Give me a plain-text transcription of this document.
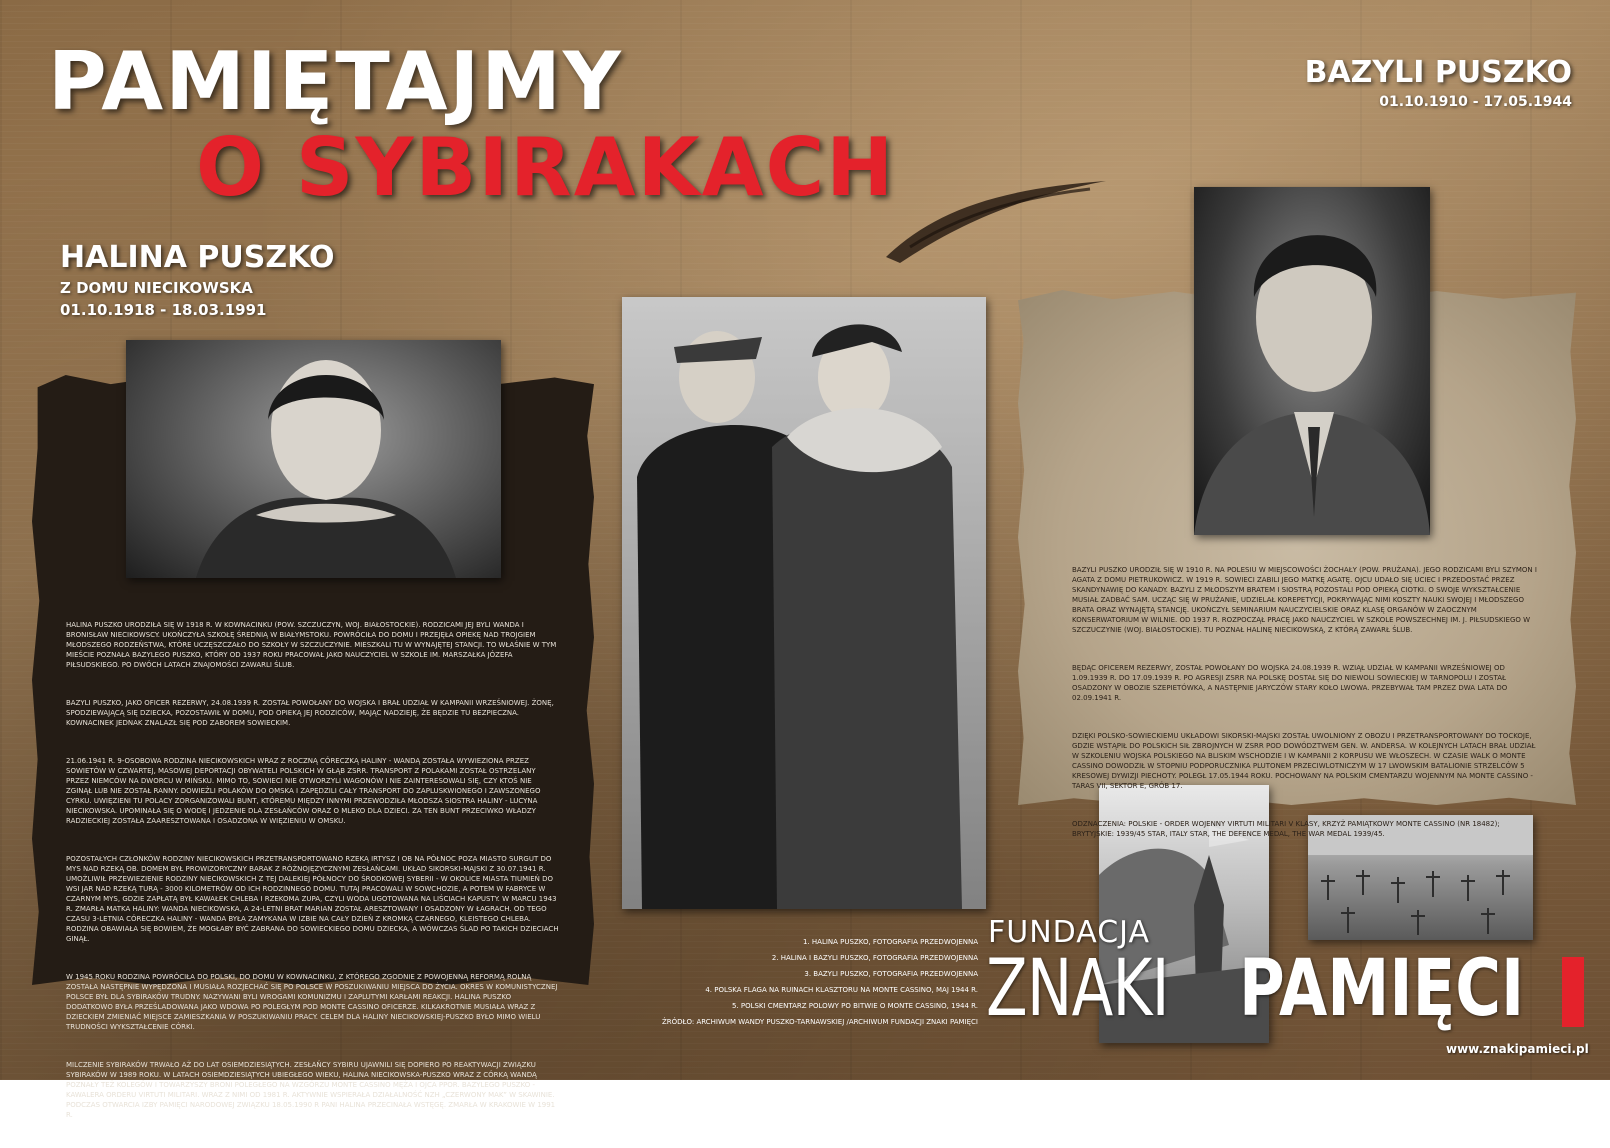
PAMIĘTAJMY
O SYBIRAKACH
HALINA PUSZKO
Z DOMU NIECIKOWSKA
01.10.1918 - 18.03.1991
BAZYLI PUSZKO
01.10.1910 - 17.05.1944

HALINA PUSZKO URODZIŁA SIĘ W 1918 R. W KOWNACINKU (POW. SZCZUCZYN, WOJ. BIAŁOSTOCKIE). RODZICAMI JEJ BYLI WANDA I BRONISŁAW NIECIKOWSCY. UKOŃCZYŁA SZKOŁĘ ŚREDNIĄ W BIAŁYMSTOKU. POWRÓCIŁA DO DOMU I PRZEJĘŁA OPIEKĘ NAD TROJGIEM MŁODSZEGO RODZEŃSTWA, KTÓRE UCZĘSZCZAŁO DO SZKOŁY W SZCZUCZYNIE. MIESZKALI TU W WYNAJĘTEJ STANCJI. TO WŁAŚNIE W TYM MIEŚCIE POZNAŁA BAZYLEGO PUSZKO, KTÓRY OD 1937 ROKU PRACOWAŁ JAKO NAUCZYCIEL W SZKOLE IM. MARSZAŁKA JÓZEFA PIŁSUDSKIEGO. PO DWÓCH LATACH ZNAJOMOŚCI ZAWARLI ŚLUB.

BAZYLI PUSZKO, JAKO OFICER REZERWY, 24.08.1939 R. ZOSTAŁ POWOŁANY DO WOJSKA I BRAŁ UDZIAŁ W KAMPANII WRZEŚNIOWEJ. ŻONĘ, SPODZIEWAJĄCĄ SIĘ DZIECKA, POZOSTAWIŁ W DOMU, POD OPIEKĄ JEJ RODZICÓW, MAJĄC NADZIEJĘ, ŻE BĘDZIE TU BEZPIECZNA. KOWNACINEK JEDNAK ZNALAZŁ SIĘ POD ZABOREM SOWIECKIM.

21.06.1941 R. 9-OSOBOWA RODZINA NIECIKOWSKICH WRAZ Z ROCZNĄ CÓRECZKĄ HALINY - WANDĄ ZOSTAŁA WYWIEZIONA PRZEZ SOWIETÓW W CZWARTEJ, MASOWEJ DEPORTACJI OBYWATELI POLSKICH W GŁĄB ZSRR. TRANSPORT Z POLAKAMI ZOSTAŁ OSTRZELANY PRZEZ NIEMCÓW NA DWORCU W MIŃSKU. MIMO TO, SOWIECI NIE OTWORZYLI WAGONÓW I NIE ZAINTERESOWALI SIĘ, CZY KTOŚ NIE ZGINĄŁ LUB NIE ZOSTAŁ RANNY. DOWIEŹLI POLAKÓW DO OMSKA I ZAPĘDZILI CAŁY TRANSPORT DO ZAPLUSKWIONEGO I ZAWSZONEGO CYRKU. UWIĘZIENI TU POLACY ZORGANIZOWALI BUNT, KTÓREMU MIĘDZY INNYMI PRZEWODZIŁA MŁODSZA SIOSTRA HALINY - LUCYNA NIECIKOWSKA. UPOMINAŁA SIĘ O WODĘ I JEDZENIE DLA ZESŁAŃCÓW ORAZ O MLEKO DLA DZIECI. ZA TEN BUNT PRZECIWKO WŁADZY RADZIECKIEJ ZOSTAŁA ZAARESZTOWANA I OSADZONA W WIĘZIENIU W OMSKU.

POZOSTAŁYCH CZŁONKÓW RODZINY NIECIKOWSKICH PRZETRANSPORTOWANO RZEKĄ IRTYSZ I OB NA PÓŁNOC POZA MIASTO SURGUT DO MYS NAD RZEKĄ OB. DOMEM BYŁ PROWIZORYCZNY BARAK Z RÓŻNOJĘZYCZNYMI ZESŁAŃCAMI. UKŁAD SIKORSKI-MAJSKI Z 30.07.1941 R. UMOŻLIWIŁ PRZEWIEZIENIE RODZINY NIECIKOWSKICH Z TEJ DALEKIEJ PÓŁNOCY DO ŚRODKOWEJ SYBERII - W OKOLICE MIASTA TIUMIEŃ DO WSI JAR NAD RZEKĄ TURĄ - 3000 KILOMETRÓW OD ICH RODZINNEGO DOMU. TUTAJ PRACOWALI W SOWCHOZIE, A POTEM W FABRYCE W CZARNYM MYS, GDZIE ZAPŁATĄ BYŁ KAWAŁEK CHLEBA I RZEKOMA ZUPA, CZYLI WODA UGOTOWANA NA LIŚCIACH KAPUSTY. W MARCU 1943 R. ZMARŁA MATKA HALINY: WANDA NIECIKOWSKA, A 24-LETNI BRAT MARIAN ZOSTAŁ ARESZTOWANY I OSADZONY W ŁAGRACH. OD TEGO CZASU 3-LETNIA CÓRECZKA HALINY - WANDA BYŁA ZAMYKANA W IZBIE NA CAŁY DZIEŃ Z KROMKĄ CZARNEGO, KLEISTEGO CHLEBA. RODZINA OBAWIAŁA SIĘ BOWIEM, ŻE MOGŁABY BYĆ ZABRANA DO SOWIECKIEGO DOMU DZIECKA, A WÓWCZAS ŚLAD PO TAKICH DZIECIACH GINĄŁ.

W 1945 ROKU RODZINA POWRÓCIŁA DO POLSKI, DO DOMU W KOWNACINKU, Z KTÓREGO ZGODNIE Z POWOJENNĄ REFORMĄ ROLNĄ ZOSTAŁA NASTĘPNIE WYPĘDZONA I MUSIAŁA ROZJECHAĆ SIĘ PO POLSCE W POSZUKIWANIU MIEJSCA DO ŻYCIA. OKRES W KOMUNISTYCZNEJ POLSCE BYŁ DLA SYBIRAKÓW TRUDNY. NAZYWANI BYLI WROGAMI KOMUNIZMU I ZAPLUTYMI KARŁAMI REAKCJI. HALINA PUSZKO DODATKOWO BYŁA PRZEŚLADOWANA JAKO WDOWA PO POLEGŁYM POD MONTE CASSINO OFICERZE. KILKAKROTNIE MUSIAŁA WRAZ Z DZIECKIEM ZMIENIAĆ MIEJSCE ZAMIESZKANIA W POSZUKIWANIU PRACY. CELEM DLA HALINY NIECIKOWSKIEJ-PUSZKO BYŁO MIMO WIELU TRUDNOŚCI WYKSZTAŁCENIE CÓRKI.

MILCZENIE SYBIRAKÓW TRWAŁO AŻ DO LAT OSIEMDZIESIĄTYCH. ZESŁAŃCY SYBIRU UJAWNILI SIĘ DOPIERO PO REAKTYWACJI ZWIĄZKU SYBIRAKÓW W 1989 ROKU. W LATACH OSIEMDZIESIĄTYCH UBIEGŁEGO WIEKU, HALINA NIECIKOWSKA-PUSZKO WRAZ Z CÓRKĄ WANDĄ POZNAŁY TEŻ KOLEGÓW I TOWARZYSZY BRONI POLEGŁEGO NA WZGÓRZU MONTE CASSINO MĘŻA I OJCA PPOR. BAZYLEGO PUSZKO - KAWALERA ORDERU VIRTUTI MILITARI. WRAZ Z NIMI OD 1981 R. AKTYWNIE WSPIERAŁA DZIAŁALNOŚĆ NZH „CZERWONY MAK” W SKAWINIE. PODCZAS OTWARCIA IZBY PAMIĘCI NARODOWEJ ZWIĄZKU 18.05.1990 R PANI HALINA PRZECINAŁA WSTĘGĘ. ZMARŁA W KRAKOWIE W 1991 R.

BAZYLI PUSZKO URODZIŁ SIĘ W 1910 R. NA POLESIU W MIEJSCOWOŚCI ŻOCHAŁY (POW. PRUŻANA). JEGO RODZICAMI BYLI SZYMON I AGATA Z DOMU PIETRUKOWICZ. W 1919 R. SOWIECI ZABILI JEGO MATKĘ AGATĘ. OJCU UDAŁO SIĘ UCIEC I PRZEDOSTAĆ PRZEZ SKANDYNAWIĘ DO KANADY. BAZYLI Z MŁODSZYM BRATEM I SIOSTRĄ POZOSTALI POD OPIEKĄ CIOTKI. O SWOJE WYKSZTAŁCENIE MUSIAŁ ZADBAĆ SAM. UCZĄC SIĘ W PRUŻANIE, UDZIELAŁ KOREPETYCJI, POKRYWAJĄC NIMI KOSZTY NAUKI SWOJEJ I MŁODSZEGO BRATA ORAZ WYNAJĘTĄ STANCJĘ. UKOŃCZYŁ SEMINARIUM NAUCZYCIELSKIE ORAZ KLASĘ ORGANÓW W ZAOCZNYM KONSERWATORIUM W WILNIE. OD 1937 R. ROZPOCZĄŁ PRACĘ JAKO NAUCZYCIEL W SZKOLE POWSZECHNEJ IM. J. PIŁSUDSKIEGO W SZCZUCZYNIE (WOJ. BIAŁOSTOCKIE). TU POZNAŁ HALINĘ NIECIKOWSKĄ, Z KTÓRĄ ZAWARŁ ŚLUB.

BĘDĄC OFICEREM REZERWY, ZOSTAŁ POWOŁANY DO WOJSKA 24.08.1939 R. WZIĄŁ UDZIAŁ W KAMPANII WRZEŚNIOWEJ OD 1.09.1939 R. DO 17.09.1939 R. PO AGRESJI ZSRR NA POLSKĘ DOSTAŁ SIĘ DO NIEWOLI SOWIECKIEJ W TARNOPOLU I ZOSTAŁ OSADZONY W OBOZIE SZEPIETÓWKA, A NASTĘPNIE JARYCZÓW STARY KOŁO LWOWA. PRZEBYWAŁ TAM PRZEZ DWA LATA DO 02.09.1941 R.

DZIĘKI POLSKO-SOWIECKIEMU UKŁADOWI SIKORSKI-MAJSKI ZOSTAŁ UWOLNIONY Z OBOZU I PRZETRANSPORTOWANY DO TOCKOJE, GDZIE WSTĄPIŁ DO POLSKICH SIŁ ZBROJNYCH W ZSRR POD DOWÓDZTWEM GEN. W. ANDERSA. W KOLEJNYCH LATACH BRAŁ UDZIAŁ W SZKOLENIU WOJSKA POLSKIEGO NA BLISKIM WSCHODZIE I W KAMPANII 2 KORPUSU WE WŁOSZECH. W CZASIE WALK O MONTE CASSINO DOWODZIŁ W STOPNIU PODPORUCZNIKA PLUTONEM PRZECIWLOTNICZYM W 17 LWOWSKIM BATALIONIE STRZELCÓW 5 KRESOWEJ DYWIZJI PIECHOTY. POLEGŁ 17.05.1944 ROKU. POCHOWANY NA POLSKIM CMENTARZU WOJENNYM NA MONTE CASSINO - TARAS VII, SEKTOR E, GRÓB 17.

ODZNACZENIA: POLSKIE - ORDER WOJENNY VIRTUTI MILITARI V KLASY, KRZYŻ PAMIĄTKOWY MONTE CASSINO (NR 18482); BRYTYJSKIE: 1939/45 STAR, ITALY STAR, THE DEFENCE MEDAL, THE WAR MEDAL 1939/45.

1. HALINA PUSZKO, FOTOGRAFIA PRZEDWOJENNA
2. HALINA I BAZYLI PUSZKO, FOTOGRAFIA PRZEDWOJENNA
3. BAZYLI PUSZKO, FOTOGRAFIA PRZEDWOJENNA
4. POLSKA FLAGA NA RUINACH KLASZTORU NA MONTE CASSINO, MAJ 1944 R.
5. POLSKI CMENTARZ POLOWY PO BITWIE O MONTE CASSINO, 1944 R.
ŹRÓDŁO: ARCHIWUM WANDY PUSZKO-TARNAWSKIEJ /ARCHIWUM FUNDACJI ZNAKI PAMIĘCI
FUNDACJA
ZNAKI PAMIĘCI
www.znakipamieci.pl
